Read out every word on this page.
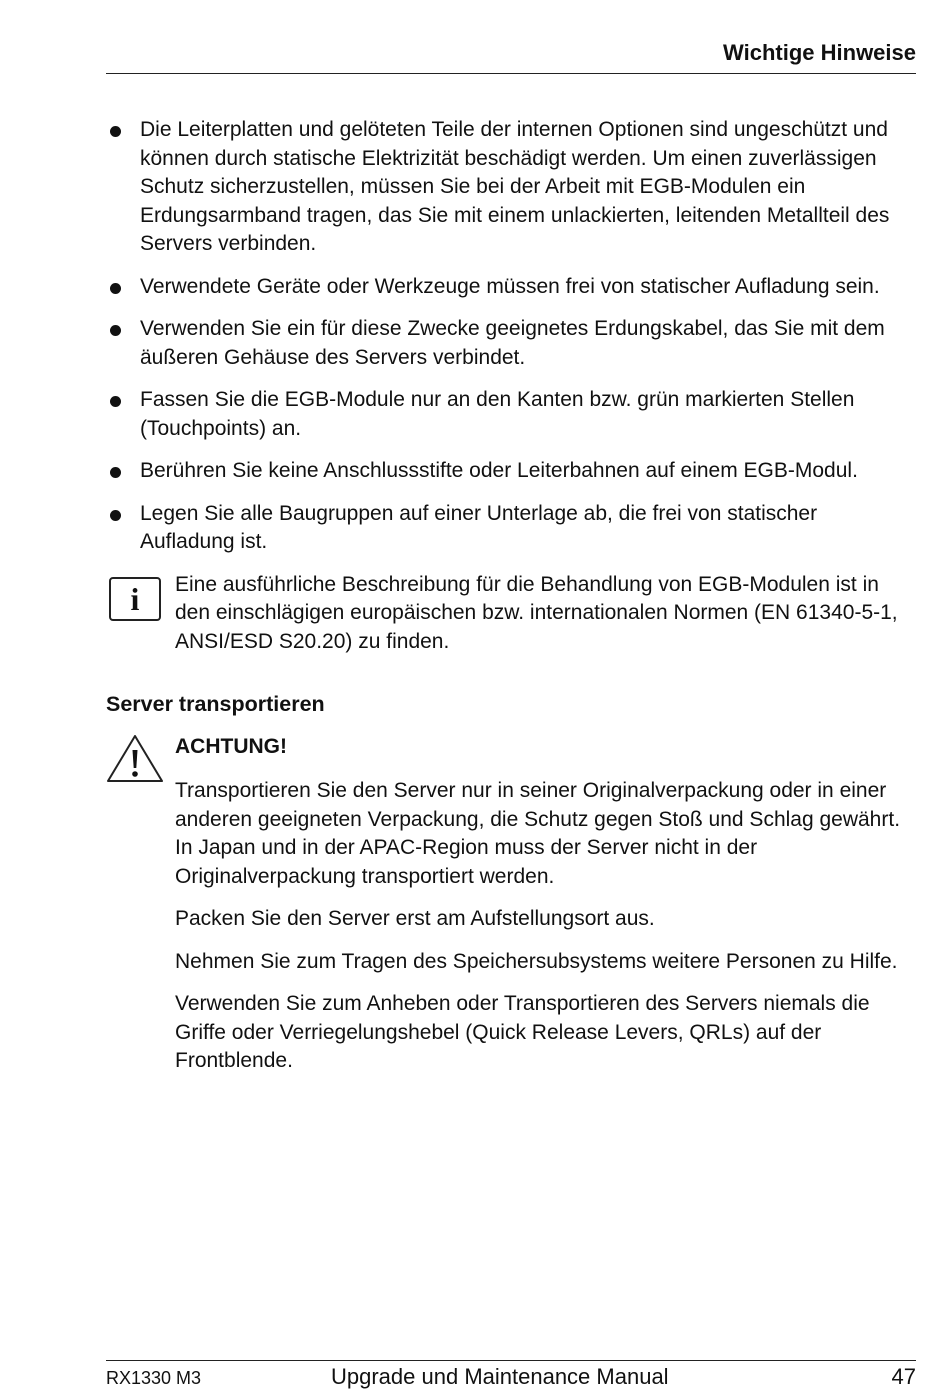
Wichtige Hinweise
Die Leiterplatten und gelöteten Teile der internen Optionen sind ungeschützt und können durch statische Elektrizität beschädigt werden. Um einen zuverlässigen Schutz sicherzustellen, müssen Sie bei der Arbeit mit EGB-Modulen ein Erdungsarmband tragen, das Sie mit einem unlackierten, leitenden Metallteil des Servers verbinden.
Verwendete Geräte oder Werkzeuge müssen frei von statischer Aufladung sein.
Verwenden Sie ein für diese Zwecke geeignetes Erdungskabel, das Sie mit dem äußeren Gehäuse des Servers verbindet.
Fassen Sie die EGB-Module nur an den Kanten bzw. grün markierten Stellen (Touchpoints) an.
Berühren Sie keine Anschlussstifte oder Leiterbahnen auf einem EGB-Modul.
Legen Sie alle Baugruppen auf einer Unterlage ab, die frei von statischer Aufladung ist.
i	Eine ausführliche Beschreibung für die Behandlung von EGB-Modulen ist in den einschlägigen europäischen bzw. internationalen Normen (EN 61340-5-1, ANSI/ESD S20.20) zu finden.
Server transportieren
ACHTUNG!
Transportieren Sie den Server nur in seiner Originalverpackung oder in einer anderen geeigneten Verpackung, die Schutz gegen Stoß und Schlag gewährt.
In Japan und in der APAC-Region muss der Server nicht in der Originalverpackung transportiert werden.
Packen Sie den Server erst am Aufstellungsort aus.
Nehmen Sie zum Tragen des Speichersubsystems weitere Personen zu Hilfe.
Verwenden Sie zum Anheben oder Transportieren des Servers niemals die Griffe oder Verriegelungshebel (Quick Release Levers, QRLs) auf der Frontblende.
RX1330 M3	Upgrade und Maintenance Manual	47
